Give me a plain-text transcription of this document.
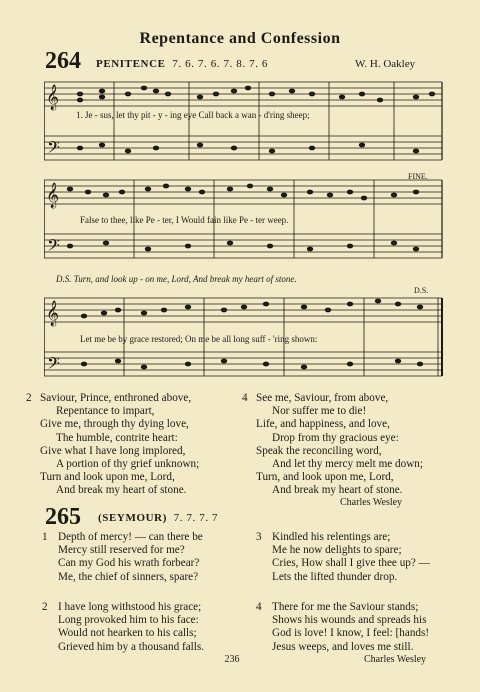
Repentance and Confession
264 PENITENCE 7. 6. 7. 6. 7. 8. 7. 6	W. H. Oakley
𝄞
𝄢
1. Je - sus, let thy pit - y - ing eye Call back a wan - d'ring sheep;
𝄞
𝄢
FINE.
False to thee, like Pe - ter, I Would fain like Pe - ter weep.
D.S. Turn, and look up - on me, Lord, And break my heart of stone.
𝄞
𝄢
D.S.
Let me be by grace restored; On me be all long suff - 'ring shown:
2 Saviour, Prince, enthroned above,
Repentance to impart,
Give me, through thy dying love,
The humble, contrite heart:
Give what I have long implored,
A portion of thy grief unknown;
Turn and look upon me, Lord,
And break my heart of stone.
4 See me, Saviour, from above,
Nor suffer me to die!
Life, and happiness, and love,
Drop from thy gracious eye:
Speak the reconciling word,
And let thy mercy melt me down;
Turn, and look upon me, Lord,
And break my heart of stone.
Charles Wesley
265 (SEYMOUR) 7. 7. 7. 7
1 Depth of mercy! — can there be
Mercy still reserved for me?
Can my God his wrath forbear?
Me, the chief of sinners, spare?
2 I have long withstood his grace;
Long provoked him to his face:
Would not hearken to his calls;
Grieved him by a thousand falls.
3 Kindled his relentings are;
Me he now delights to spare;
Cries, How shall I give thee up? —
Lets the lifted thunder drop.
4 There for me the Saviour stands;
Shows his wounds and spreads his
God is love! I know, I feel: [hands!
Jesus weeps, and loves me still.
Charles Wesley
236
